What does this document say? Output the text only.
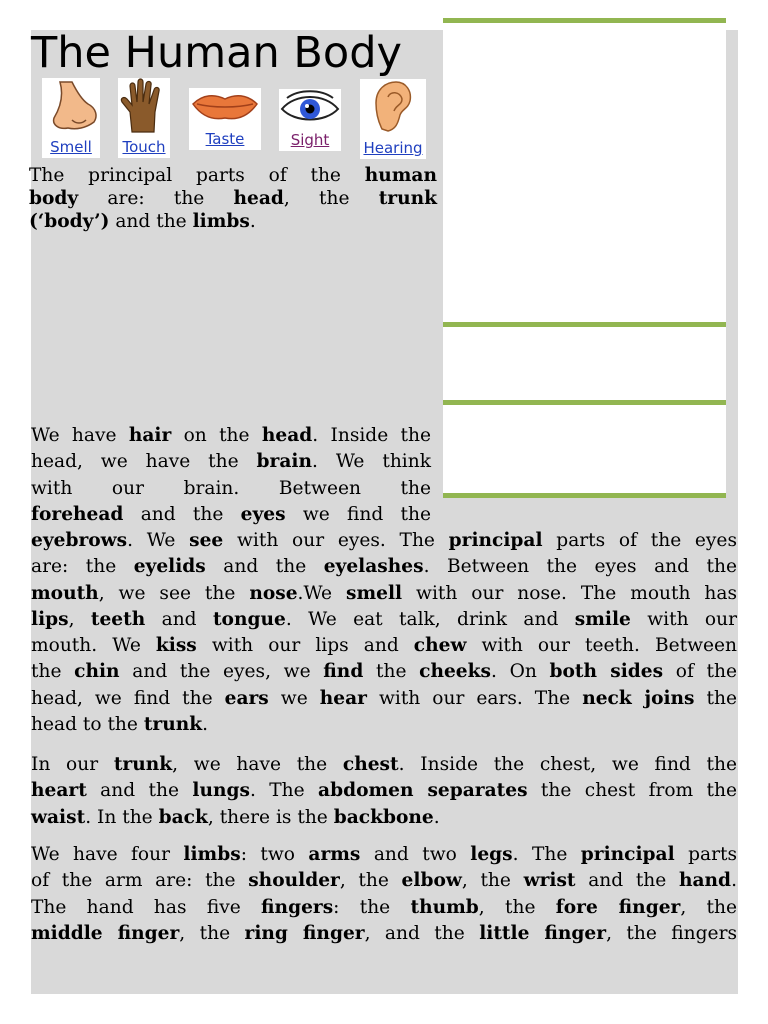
The Human Body
Smell	Touch	Taste	Sight	Hearing

The principal parts of the human
body are: the head, the trunk
(‘body’) and the limbs.

We have hair on the head. Inside the
head, we have the brain. We think
with our brain. Between the
forehead and the eyes we find the

eyebrows. We see with our eyes. The principal parts of the eyes
are: the eyelids and the eyelashes. Between the eyes and the
mouth, we see the nose.We smell with our nose. The mouth has
lips, teeth and tongue. We eat talk, drink and smile with our
mouth. We kiss with our lips and chew with our teeth. Between
the chin and the eyes, we find the cheeks. On both sides of the
head, we find the ears we hear with our ears. The neck joins the
head to the trunk.

In our trunk, we have the chest. Inside the chest, we find the
heart and the lungs. The abdomen separates the chest from the
waist. In the back, there is the backbone.

We have four limbs: two arms and two legs. The principal parts
of the arm are: the shoulder, the elbow, the wrist and the hand.
The hand has five fingers: the thumb, the fore finger, the
middle finger, the ring finger, and the little finger, the fingers
